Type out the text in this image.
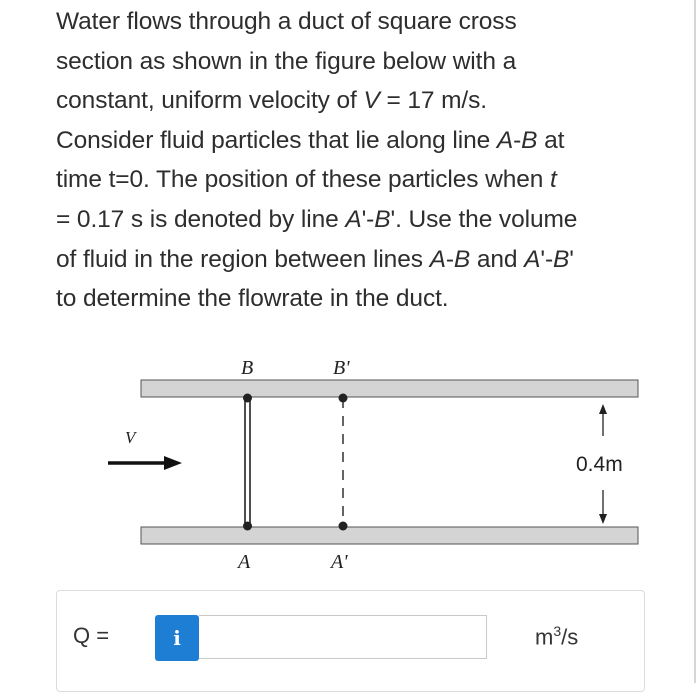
Water flows through a duct of square cross
section as shown in the figure below with a
constant, uniform velocity of V = 17 m/s.
Consider fluid particles that lie along line A-B at
time t=0. The position of these particles when t
= 0.17 s is denoted by line A'-B'. Use the volume
of fluid in the region between lines A-B and A'-B'
to determine the flowrate in the duct.

B	B'
A	A'
V
0.4m
Q =	i	$m^3/s$
